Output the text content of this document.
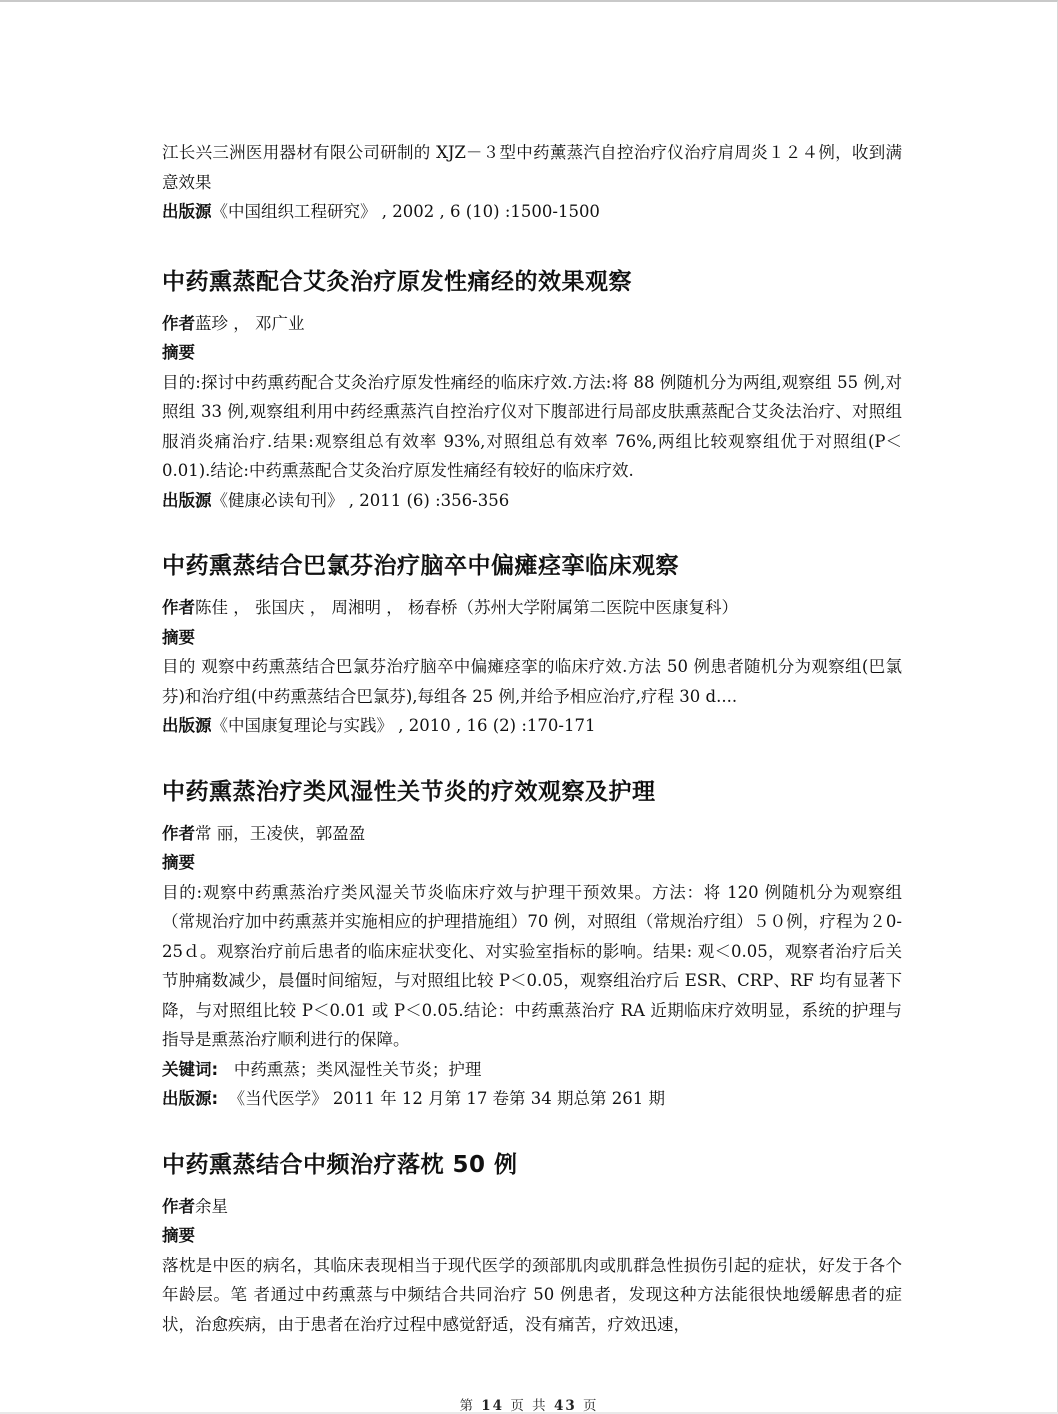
江长兴三洲医用器材有限公司研制的 XJZ－３型中药薰蒸汽自控治疗仪治疗肩周炎１２４例，收到满意效果

出版源《中国组织工程研究》 , 2002 , 6 (10) :1500-1500

中药熏蒸配合艾灸治疗原发性痛经的效果观察

作者蓝珍 ， 邓广业

摘要

目的:探讨中药熏药配合艾灸治疗原发性痛经的临床疗效.方法:将 88 例随机分为两组,观察组 55 例,对照组 33 例,观察组利用中药经熏蒸汽自控治疗仪对下腹部进行局部皮肤熏蒸配合艾灸法治疗、对照组服消炎痛治疗.结果:观察组总有效率 93%,对照组总有效率 76%,两组比较观察组优于对照组(P＜0.01).结论:中药熏蒸配合艾灸治疗原发性痛经有较好的临床疗效.

出版源《健康必读旬刊》 , 2011 (6) :356-356

中药熏蒸结合巴氯芬治疗脑卒中偏瘫痉挛临床观察

作者陈佳 ， 张国庆 ， 周湘明 ， 杨春桥（苏州大学附属第二医院中医康复科）

摘要

目的 观察中药熏蒸结合巴氯芬治疗脑卒中偏瘫痉挛的临床疗效.方法 50 例患者随机分为观察组(巴氯芬)和治疗组(中药熏蒸结合巴氯芬),每组各 25 例,并给予相应治疗,疗程 30 d....

出版源《中国康复理论与实践》 , 2010 , 16 (2) :170-171

中药熏蒸治疗类风湿性关节炎的疗效观察及护理

作者常 丽，王凌侠，郭盈盈

摘要

目的:观察中药熏蒸治疗类风湿关节炎临床疗效与护理干预效果。方法：将 120 例随机分为观察组（常规治疗加中药熏蒸并实施相应的护理措施组）70 例，对照组（常规治疗组）５０例，疗程为２0-25ｄ。观察治疗前后患者的临床症状变化、对实验室指标的影响。结果: 观＜0.05，观察者治疗后关节肿痛数减少，晨僵时间缩短，与对照组比较 P＜0.05，观察组治疗后 ESR、CRP、RF 均有显著下降，与对照组比较 P＜0.01 或 P＜0.05.结论：中药熏蒸治疗 RA 近期临床疗效明显，系统的护理与指导是熏蒸治疗顺利进行的保障。

关键词: 中药熏蒸；类风湿性关节炎；护理

出版源: 《当代医学》 2011 年 12 月第 17 卷第 34 期总第 261 期

中药熏蒸结合中频治疗落枕 50 例

作者余星

摘要

落枕是中医的病名，其临床表现相当于现代医学的颈部肌肉或肌群急性损伤引起的症状，好发于各个年龄层。笔 者通过中药熏蒸与中频结合共同治疗 50 例患者，发现这种方法能很快地缓解患者的症状，治愈疾病，由于患者在治疗过程中感觉舒适，没有痛苦，疗效迅速，

第 14 页 共 43 页
